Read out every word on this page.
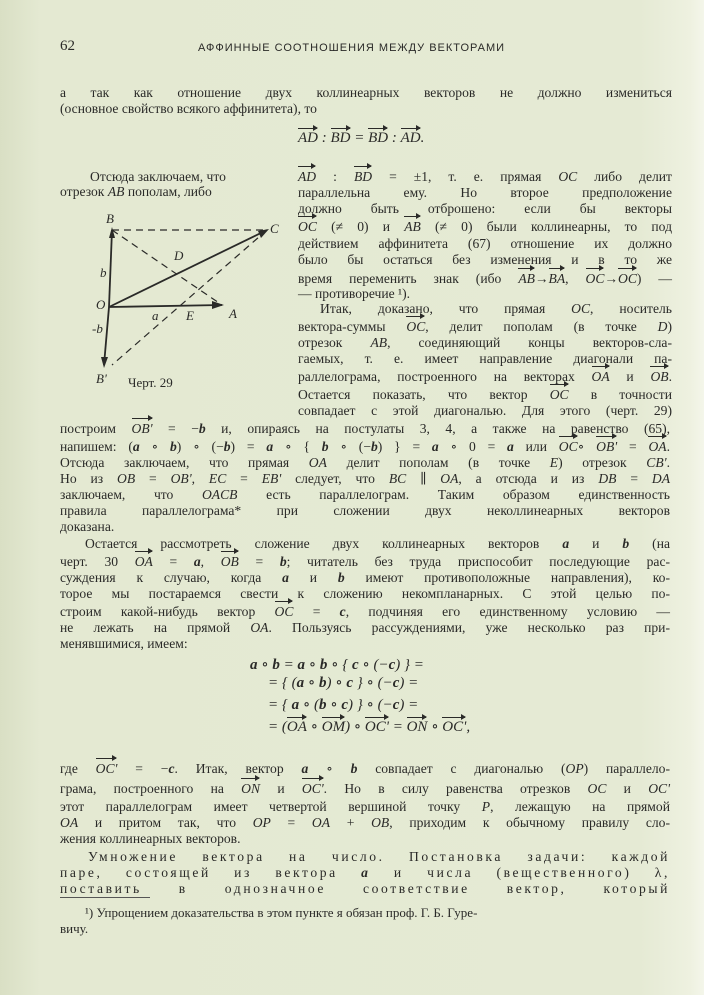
62	АФФИННЫЕ СООТНОШЕНИЯ МЕЖДУ ВЕКТОРАМИ
а так как отношение двух коллинеарных векторов не должно измениться
(основное свойство всякого аффинитета), то
AD : BD = BD : AD.
Отсюда заключаем, что
отрезок AB пополам, либо
AD : BD = ±1, т. е. прямая OC либо делит
параллельна ему. Но второе предположение
должно быть отброшено: если бы векторы
OC (≠ 0) и AB (≠ 0) были коллинеарны, то под
действием аффинитета (67) отношение их должно
было бы остаться без изменения и в то же
время переменить знак (ибо AB→BA, OC→OC) —
— противоречие ¹).
Итак, доказано, что прямая OC, носитель
вектора-суммы OC, делит пополам (в точке D)
отрезок AB, соединяющий концы векторов-сла-
гаемых, т. е. имеет направление диагонали па-
раллелограма, построенного на векторах OA и OB.
Остается показать, что вектор OC в точности
совпадает с этой диагональю. Для этого (черт. 29)
B
C
D
O
A
E
a
b
-b
B' Черт. 29
построим OB' = −b и, опираясь на постулаты 3, 4, а также на равенство (65),
напишем: (a ∘ b) ∘ (−b) = a ∘ { b ∘ (−b) } = a ∘ 0 = a или OC∘ OB' = OA.
Отсюда заключаем, что прямая OA делит пополам (в точке E) отрезок CB'.
Но из OB = OB', EC = EB' следует, что BC ∥ OA, а отсюда и из DB = DA
заключаем, что OACB есть параллелограм. Таким образом единственность
правила параллелограма* при сложении двух неколлинеарных векторов
доказана.
Остается рассмотреть сложение двух коллинеарных векторов a и b (на
черт. 30 OA = a, OB = b; читатель без труда приспособит последующие рас-
суждения к случаю, когда a и b имеют противоположные направления), ко-
торое мы постараемся свести к сложению некомпланарных. С этой целью по-
строим какой-нибудь вектор OC = c, подчиняя его единственному условию —
не лежать на прямой OA. Пользуясь рассуждениями, уже несколько раз при-
менявшимися, имеем:
a ∘ b = a ∘ b ∘ { c ∘ (−c) } =
= { (a ∘ b) ∘ c } ∘ (−c) =
= { a ∘ (b ∘ c) } ∘ (−c) =
= (OA ∘ OM) ∘ OC' = ON ∘ OC',
где OC' = −c. Итак, вектор a ∘ b совпадает с диагональю (OP) параллело-
грама, построенного на ON и OC'. Но в силу равенства отрезков OC и OC'
этот параллелограм имеет четвертой вершиной точку P, лежащую на прямой
OA и притом так, что OP = OA + OB, приходим к обычному правилу сло-
жения коллинеарных векторов.
Умножение вектора на число. Постановка задачи: каждой
паре, состоящей из вектора a и числа (вещественного) λ,
поставить в однозначное соответствие вектор, который
¹) Упрощением доказательства в этом пункте я обязан проф. Г. Б. Гуре-
вичу.
